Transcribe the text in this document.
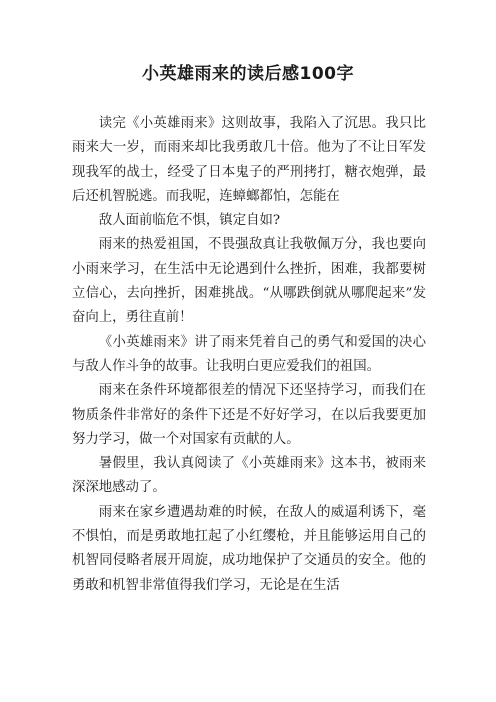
小英雄雨来的读后感100字

读完《小英雄雨来》这则故事，我陷入了沉思。我只比雨来大一岁，而雨来却比我勇敢几十倍。他为了不让日军发现我军的战士，经受了日本鬼子的严刑拷打，糖衣炮弹，最后还机智脱逃。而我呢，连蟑螂都怕，怎能在

敌人面前临危不惧，镇定自如?

雨来的热爱祖国，不畏强敌真让我敬佩万分，我也要向小雨来学习，在生活中无论遇到什么挫折，困难，我都要树立信心，去向挫折，困难挑战。“从哪跌倒就从哪爬起来”发奋向上，勇往直前！

《小英雄雨来》讲了雨来凭着自己的勇气和爱国的决心与敌人作斗争的故事。让我明白更应爱我们的祖国。

雨来在条件环境都很差的情况下还坚持学习，而我们在物质条件非常好的条件下还是不好好学习，在以后我要更加努力学习，做一个对国家有贡献的人。

暑假里，我认真阅读了《小英雄雨来》这本书，被雨来深深地感动了。

雨来在家乡遭遇劫难的时候，在敌人的威逼利诱下，毫不惧怕，而是勇敢地扛起了小红缨枪，并且能够运用自己的机智同侵略者展开周旋，成功地保护了交通员的安全。他的勇敢和机智非常值得我们学习，无论是在生活
